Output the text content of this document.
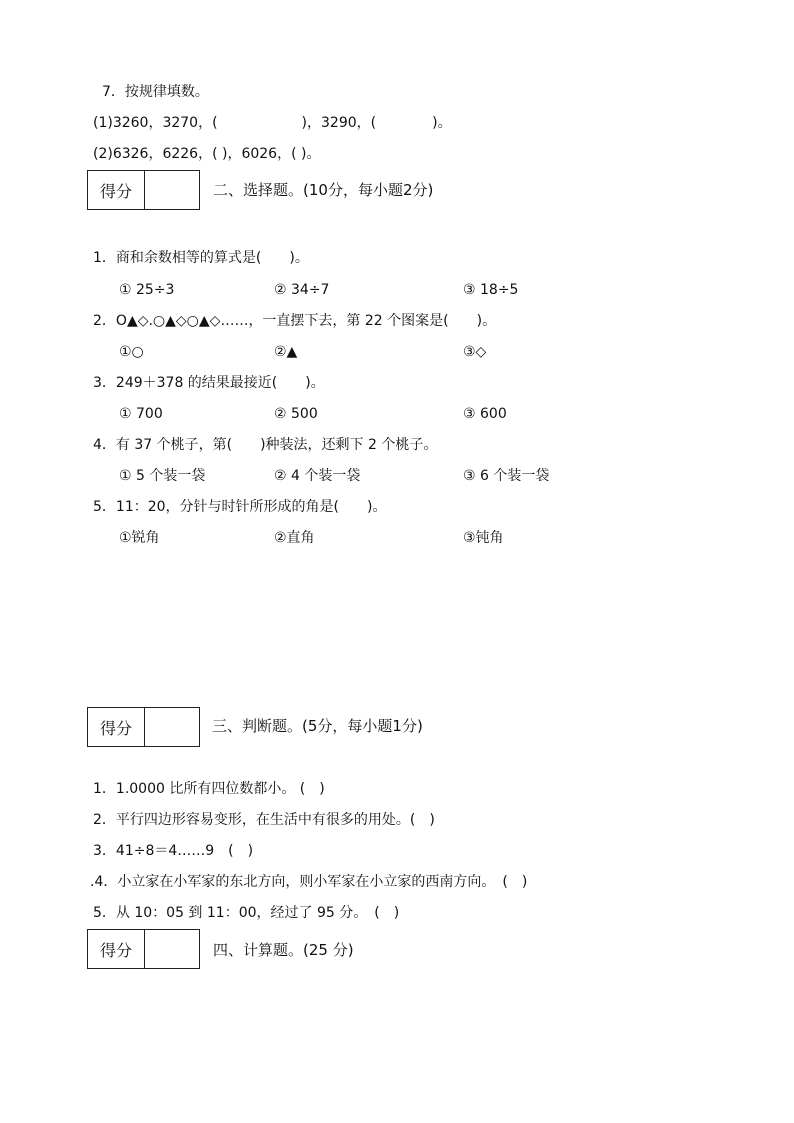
7．按规律填数。
(1)3260，3270，(　　　　　　)，3290，(　　　　)。
(2)6326，6226，( )，6026，( )。
得分	二、选择题。(10分，每小题2分)
1．商和余数相等的算式是(　　)。
① 25÷3	② 34÷7	③ 18÷5
2．O▲◇.○▲◇○▲◇……，一直摆下去，第 22 个图案是(　　)。
①○	②▲	③◇
3．249＋378 的结果最接近(　　)。
① 700	② 500	③ 600
4．有 37 个桃子，第(　　)种装法，还剩下 2 个桃子。
① 5 个装一袋	② 4 个装一袋	③ 6 个装一袋
5．11：20，分针与时针所形成的角是(　　)。
①锐角	②直角	③钝角
得分	三、判断题。(5分，每小题1分)
1．1.0000 比所有四位数都小。 (　)
2．平行四边形容易变形，在生活中有很多的用处。(　)
3．41÷8＝4……9　(　)
.4．小立家在小军家的东北方向，则小军家在小立家的西南方向。　(　)
5．从 10：05 到 11：00，经过了 95 分。　(　)
得分	四、计算题。(25 分)
